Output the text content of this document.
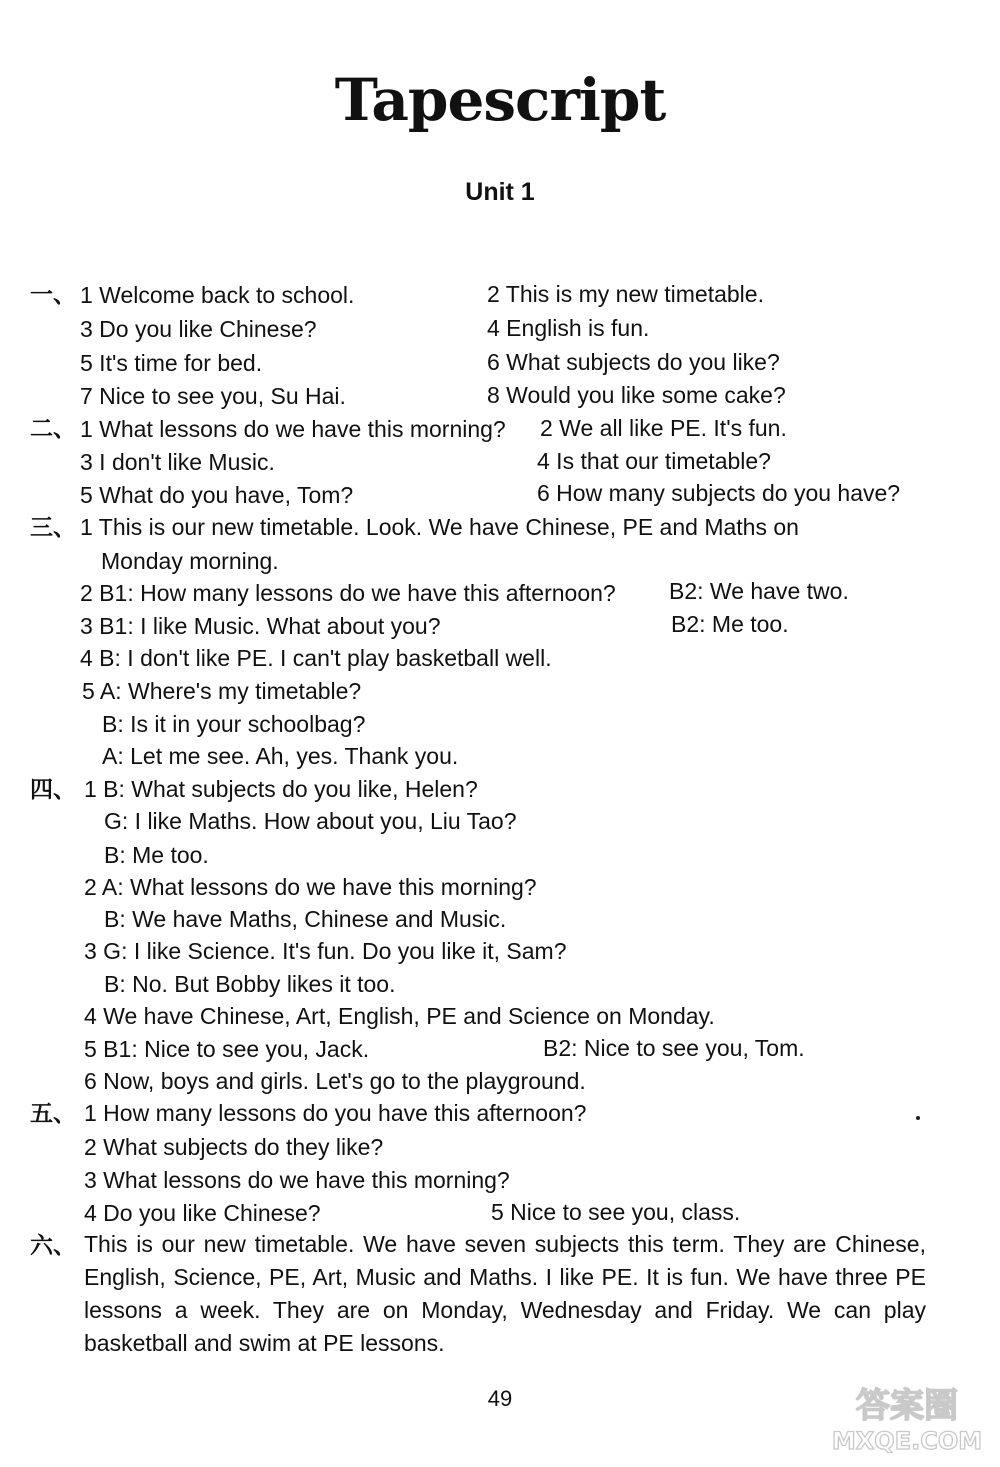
Tapescript
Unit 1
一、 1 Welcome back to school.	2 This is my new timetable.
3 Do you like Chinese?	4 English is fun.
5 It's time for bed.	6 What subjects do you like?
7 Nice to see you, Su Hai.	8 Would you like some cake?
二、 1 What lessons do we have this morning? 2 We all like PE. It's fun.
3 I don't like Music.	4 Is that our timetable?
5 What do you have, Tom?	6 How many subjects do you have?
三、 1 This is our new timetable. Look. We have Chinese, PE and Maths on
Monday morning.
2 B1: How many lessons do we have this afternoon? B2: We have two.
3 B1: I like Music. What about you?	B2: Me too.
4 B: I don't like PE. I can't play basketball well.
5 A: Where's my timetable?
B: Is it in your schoolbag?
A: Let me see. Ah, yes. Thank you.
四、 1 B: What subjects do you like, Helen?
G: I like Maths. How about you, Liu Tao?
B: Me too.
2 A: What lessons do we have this morning?
B: We have Maths, Chinese and Music.
3 G: I like Science. It's fun. Do you like it, Sam?
B: No. But Bobby likes it too.
4 We have Chinese, Art, English, PE and Science on Monday.
5 B1: Nice to see you, Jack.	B2: Nice to see you, Tom.
6 Now, boys and girls. Let's go to the playground.
五、 1 How many lessons do you have this afternoon?
2 What subjects do they like?
3 What lessons do we have this morning?
4 Do you like Chinese?	5 Nice to see you, class.
六、 This is our new timetable. We have seven subjects this term. They are Chinese, English, Science, PE, Art, Music and Maths. I like PE. It is fun. We have three PE lessons a week. They are on Monday, Wednesday and Friday. We can play basketball and swim at PE lessons.

49	答案圈
MXQE.COM
